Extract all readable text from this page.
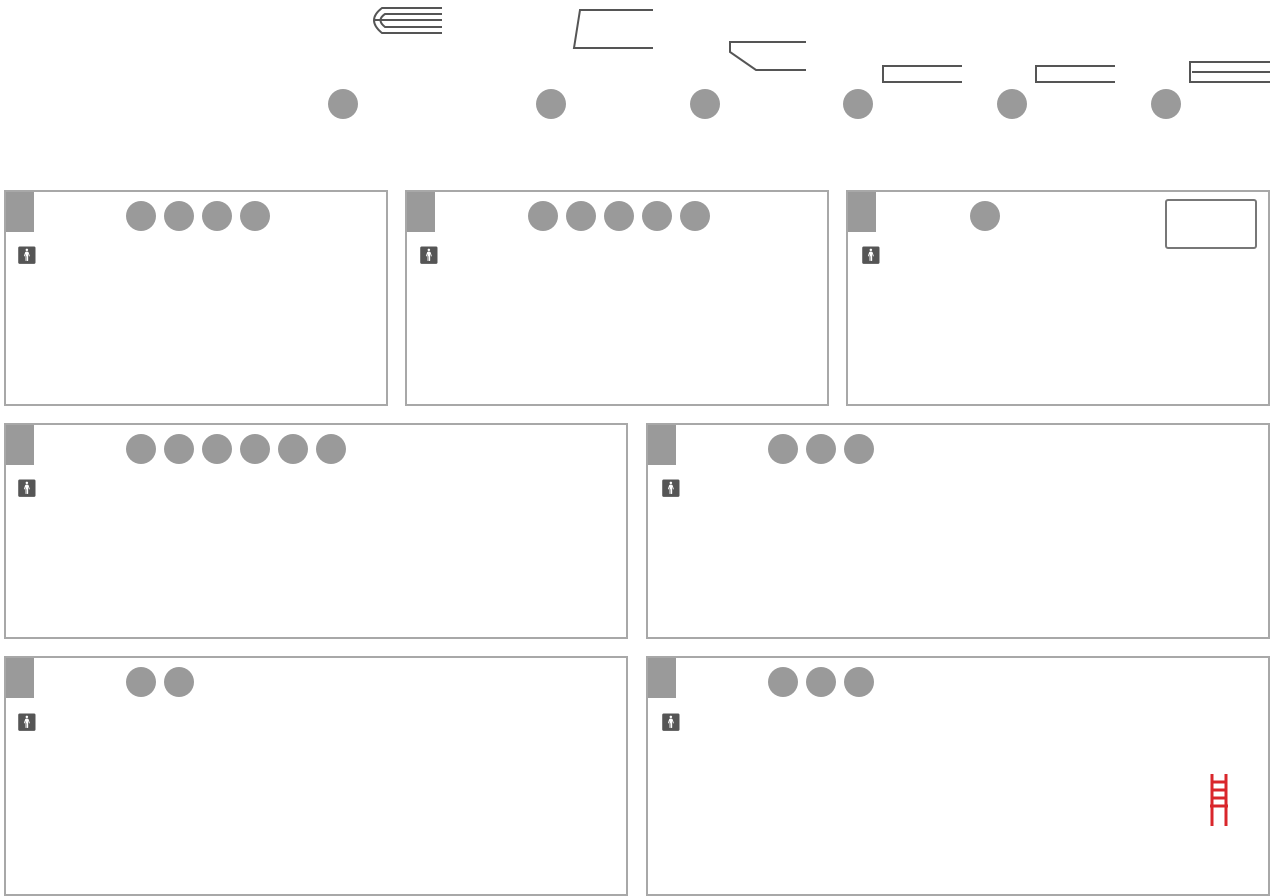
🚹︎	🚹︎	🚹︎
🚹︎	🚹︎
🚹︎	🚹︎
